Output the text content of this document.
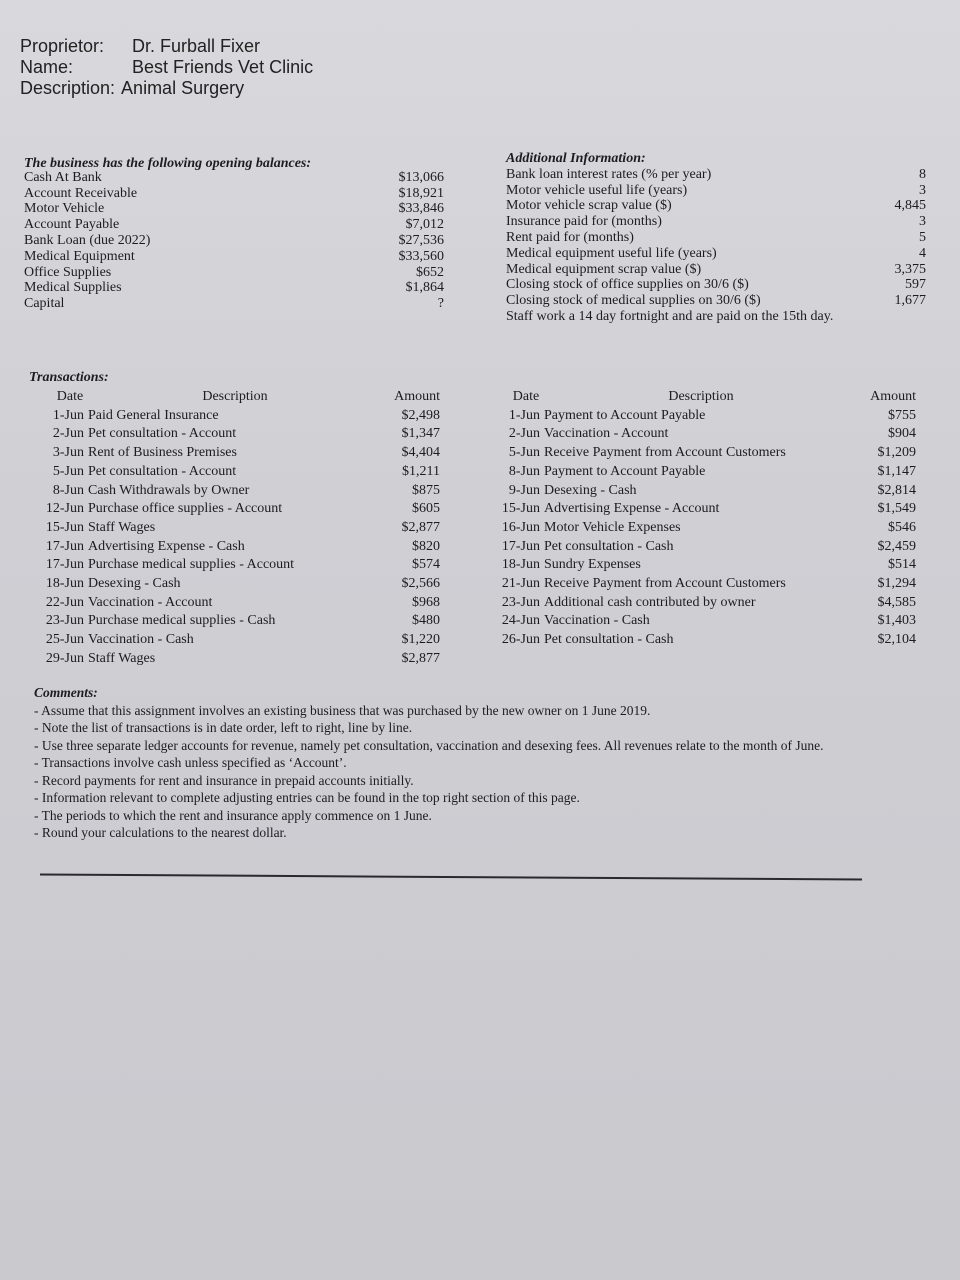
Proprietor:	Dr. Furball Fixer
Name:	Best Friends Vet Clinic
Description: Animal Surgery
The business has the following opening balances:
Cash At Bank	$13,066
Account Receivable	$18,921
Motor Vehicle	$33,846
Account Payable	$7,012
Bank Loan (due 2022)	$27,536
Medical Equipment	$33,560
Office Supplies	$652
Medical Supplies	$1,864
Capital	?
Additional Information:
Bank loan interest rates (% per year)	8
Motor vehicle useful life (years)	3
Motor vehicle scrap value ($)	4,845
Insurance paid for (months)	3
Rent paid for (months)	5
Medical equipment useful life (years)	4
Medical equipment scrap value ($)	3,375
Closing stock of office supplies on 30/6 ($)	597
Closing stock of medical supplies on 30/6 ($)	1,677
Staff work a 14 day fortnight and are paid on the 15th day.
Transactions:
Date	Description	Amount
1-Jun Paid General Insurance	$2,498
2-Jun Pet consultation - Account	$1,347
3-Jun Rent of Business Premises	$4,404
5-Jun Pet consultation - Account	$1,211
8-Jun Cash Withdrawals by Owner	$875
12-Jun Purchase office supplies - Account	$605
15-Jun Staff Wages	$2,877
17-Jun Advertising Expense - Cash	$820
17-Jun Purchase medical supplies - Account	$574
18-Jun Desexing - Cash	$2,566
22-Jun Vaccination - Account	$968
23-Jun Purchase medical supplies - Cash	$480
25-Jun Vaccination - Cash	$1,220
29-Jun Staff Wages	$2,877
Date	Description	Amount
1-Jun Payment to Account Payable	$755
2-Jun Vaccination - Account	$904
5-Jun Receive Payment from Account Customers	$1,209
8-Jun Payment to Account Payable	$1,147
9-Jun Desexing - Cash	$2,814
15-Jun Advertising Expense - Account	$1,549
16-Jun Motor Vehicle Expenses	$546
17-Jun Pet consultation - Cash	$2,459
18-Jun Sundry Expenses	$514
21-Jun Receive Payment from Account Customers	$1,294
23-Jun Additional cash contributed by owner	$4,585
24-Jun Vaccination - Cash	$1,403
26-Jun Pet consultation - Cash	$2,104
Comments:
- Assume that this assignment involves an existing business that was purchased by the new owner on 1 June 2019.
- Note the list of transactions is in date order, left to right, line by line.
- Use three separate ledger accounts for revenue, namely pet consultation, vaccination and desexing fees. All revenues relate to the month of June.
- Transactions involve cash unless specified as ‘Account’.
- Record payments for rent and insurance in prepaid accounts initially.
- Information relevant to complete adjusting entries can be found in the top right section of this page.
- The periods to which the rent and insurance apply commence on 1 June.
- Round your calculations to the nearest dollar.
